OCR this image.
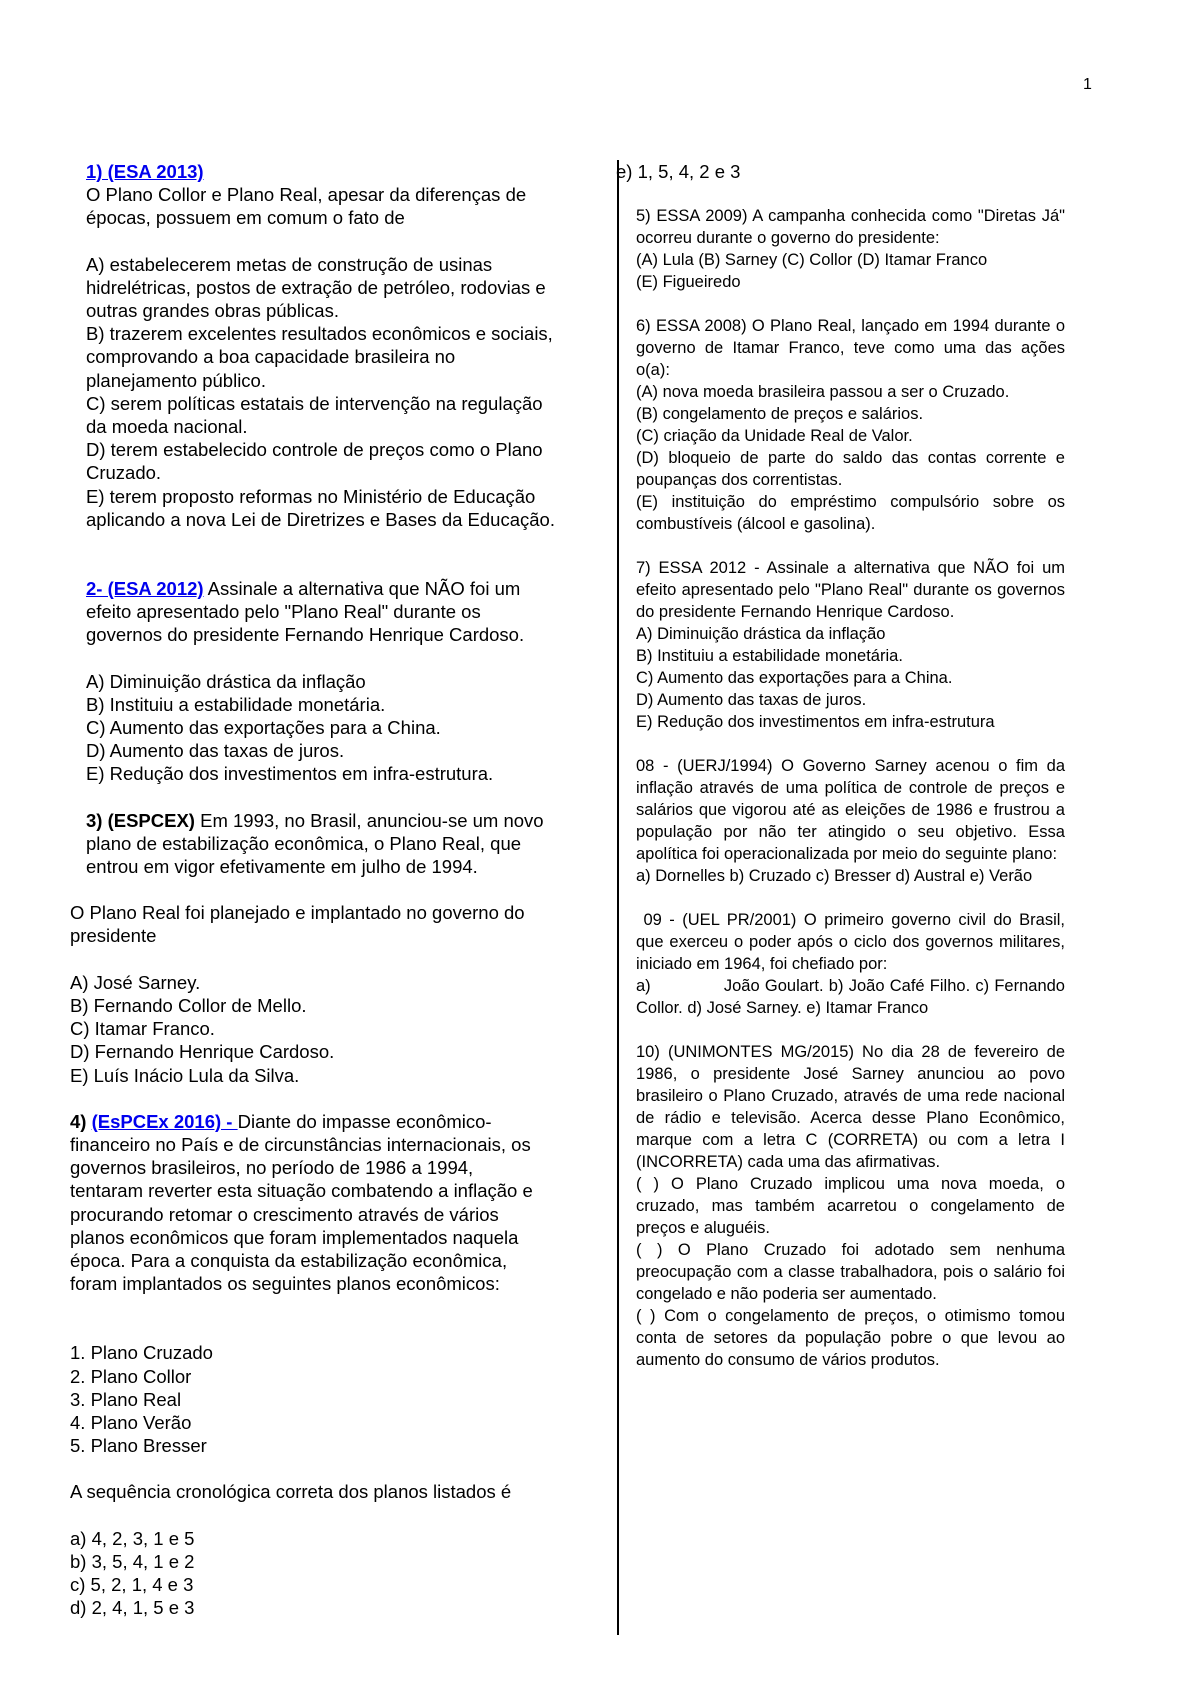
1
1) (ESA 2013)
O Plano Collor e Plano Real, apesar da diferenças de
épocas, possuem em comum o fato de
A) estabelecerem metas de construção de usinas
hidrelétricas, postos de extração de petróleo, rodovias e
outras grandes obras públicas.
B) trazerem excelentes resultados econômicos e sociais,
comprovando a boa capacidade brasileira no
planejamento público.
C) serem políticas estatais de intervenção na regulação
da moeda nacional.
D) terem estabelecido controle de preços como o Plano
Cruzado.
E) terem proposto reformas no Ministério de Educação
aplicando a nova Lei de Diretrizes e Bases da Educação.
2- (ESA 2012) Assinale a alternativa que NÃO foi um
efeito apresentado pelo "Plano Real" durante os
governos do presidente Fernando Henrique Cardoso.
A) Diminuição drástica da inflação
B) Instituiu a estabilidade monetária.
C) Aumento das exportações para a China.
D) Aumento das taxas de juros.
E) Redução dos investimentos em infra-estrutura.
3) (ESPCEX) Em 1993, no Brasil, anunciou-se um novo
plano de estabilização econômica, o Plano Real, que
entrou em vigor efetivamente em julho de 1994.
O Plano Real foi planejado e implantado no governo do
presidente
A) José Sarney.
B) Fernando Collor de Mello.
C) Itamar Franco.
D) Fernando Henrique Cardoso.
E) Luís Inácio Lula da Silva.
4) (EsPCEx 2016) - Diante do impasse econômico-
financeiro no País e de circunstâncias internacionais, os
governos brasileiros, no período de 1986 a 1994,
tentaram reverter esta situação combatendo a inflação e
procurando retomar o crescimento através de vários
planos econômicos que foram implementados naquela
época. Para a conquista da estabilização econômica,
foram implantados os seguintes planos econômicos:
1. Plano Cruzado
2. Plano Collor
3. Plano Real
4. Plano Verão
5. Plano Bresser
A sequência cronológica correta dos planos listados é
a) 4, 2, 3, 1 e 5
b) 3, 5, 4, 1 e 2
c) 5, 2, 1, 4 e 3
d) 2, 4, 1, 5 e 3
e) 1, 5, 4, 2 e 3
5) ESSA 2009) A campanha conhecida como "Diretas Já" ocorreu durante o governo do presidente:
(A) Lula (B) Sarney (C) Collor (D) Itamar Franco
(E) Figueiredo
6) ESSA 2008) O Plano Real, lançado em 1994 durante o governo de Itamar Franco, teve como uma das ações o(a):
(A) nova moeda brasileira passou a ser o Cruzado.
(B) congelamento de preços e salários.
(C) criação da Unidade Real de Valor.
(D) bloqueio de parte do saldo das contas corrente e poupanças dos correntistas.
(E) instituição do empréstimo compulsório sobre os combustíveis (álcool e gasolina).
7) ESSA 2012 - Assinale a alternativa que NÃO foi um efeito apresentado pelo "Plano Real" durante os governos do presidente Fernando Henrique Cardoso.
A) Diminuição drástica da inflação
B) Instituiu a estabilidade monetária.
C) Aumento das exportações para a China.
D) Aumento das taxas de juros.
E) Redução dos investimentos em infra-estrutura
08 - (UERJ/1994) O Governo Sarney acenou o fim da inflação através de uma política de controle de preços e salários que vigorou até as eleições de 1986 e frustrou a população por não ter atingido o seu objetivo. Essa apolítica foi operacionalizada por meio do seguinte plano:
a) Dornelles b) Cruzado c) Bresser d) Austral e) Verão
09 - (UEL PR/2001) O primeiro governo civil do Brasil, que exerceu o poder após o ciclo dos governos militares, iniciado em 1964, foi chefiado por:
a)              João Goulart. b) João Café Filho. c) Fernando Collor. d) José Sarney. e) Itamar Franco
10) (UNIMONTES MG/2015) No dia 28 de fevereiro de 1986, o presidente José Sarney anunciou ao povo brasileiro o Plano Cruzado, através de uma rede nacional de rádio e televisão. Acerca desse Plano Econômico, marque com a letra C (CORRETA) ou com a letra I (INCORRETA) cada uma das afirmativas.
( ) O Plano Cruzado implicou uma nova moeda, o cruzado, mas também acarretou o congelamento de preços e aluguéis.
( ) O Plano Cruzado foi adotado sem nenhuma preocupação com a classe trabalhadora, pois o salário foi congelado e não poderia ser aumentado.
( ) Com o congelamento de preços, o otimismo tomou conta de setores da população pobre o que levou ao aumento do consumo de vários produtos.
